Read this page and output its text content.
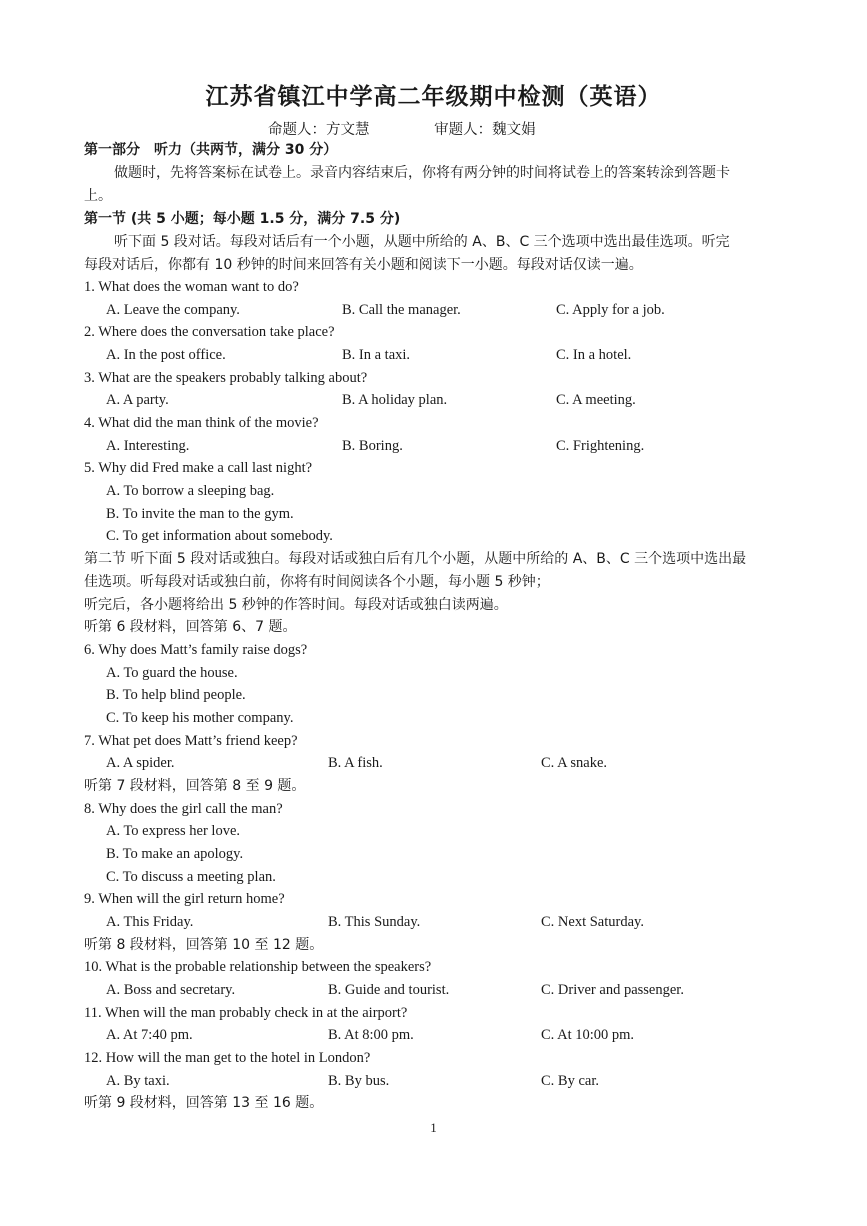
江苏省镇江中学高二年级期中检测（英语）
命题人：方文慧	审题人：魏文娟
第一部分　听力（共两节，满分 30 分）
做题时，先将答案标在试卷上。录音内容结束后，你将有两分钟的时间将试卷上的答案转涂到答题卡
上。
第一节 (共 5 小题；每小题 1.5 分，满分 7.5 分)
听下面 5 段对话。每段对话后有一个小题，从题中所给的 A、B、C 三个选项中选出最佳选项。听完
每段对话后，你都有 10 秒钟的时间来回答有关小题和阅读下一小题。每段对话仅读一遍。
1. What does the woman want to do?
A. Leave the company.	B. Call the manager.	C. Apply for a job.
2. Where does the conversation take place?
A. In the post office.	B. In a taxi.	C. In a hotel.
3. What are the speakers probably talking about?
A. A party.	B. A holiday plan.	C. A meeting.
4. What did the man think of the movie?
A. Interesting.	B. Boring.	C. Frightening.
5. Why did Fred make a call last night?
A. To borrow a sleeping bag.
B. To invite the man to the gym.
C. To get information about somebody.
第二节 听下面 5 段对话或独白。每段对话或独白后有几个小题，从题中所给的 A、B、C 三个选项中选出最
佳选项。听每段对话或独白前，你将有时间阅读各个小题，每小题 5 秒钟；
听完后，各小题将给出 5 秒钟的作答时间。每段对话或独白读两遍。
听第 6 段材料，回答第 6、7 题。
6. Why does Matt’s family raise dogs?
A. To guard the house.
B. To help blind people.
C. To keep his mother company.
7. What pet does Matt’s friend keep?
A. A spider.	B. A fish.	C. A snake.
听第 7 段材料，回答第 8 至 9 题。
8. Why does the girl call the man?
A. To express her love.
B. To make an apology.
C. To discuss a meeting plan.
9. When will the girl return home?
A. This Friday.	B. This Sunday.	C. Next Saturday.
听第 8 段材料，回答第 10 至 12 题。
10. What is the probable relationship between the speakers?
A. Boss and secretary.	B. Guide and tourist.	C. Driver and passenger.
11. When will the man probably check in at the airport?
A. At 7:40 pm.	B. At 8:00 pm.	C. At 10:00 pm.
12. How will the man get to the hotel in London?
A. By taxi.	B. By bus.	C. By car.
听第 9 段材料，回答第 13 至 16 题。
1
